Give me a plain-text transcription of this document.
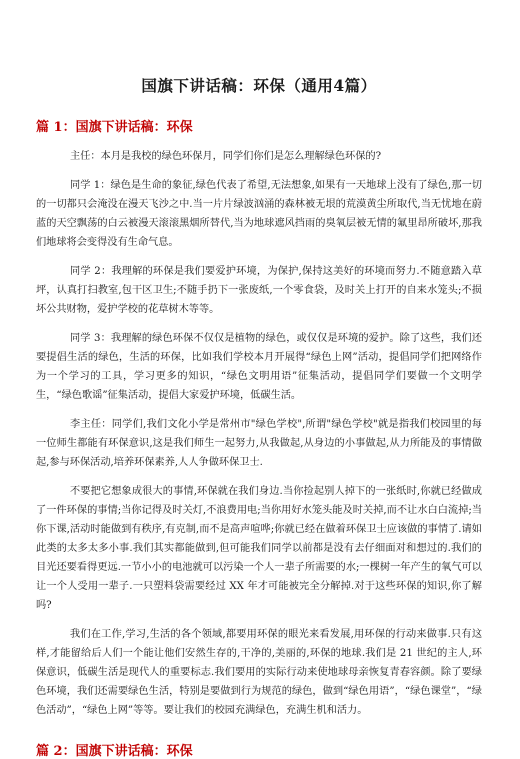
国旗下讲话稿：环保（通用4篇）
篇 1：国旗下讲话稿：环保

主任：本月是我校的绿色环保月，同学们你们是怎么理解绿色环保的?

同学 1：绿色是生命的象征,绿色代表了希望,无法想象,如果有一天地球上没有了绿色,那一切的一切都只会淹没在漫天飞沙之中.当一片片绿波汹涌的森林被无垠的荒漠黄尘所取代,当无忧地在蔚蓝的天空飘荡的白云被漫天滚滚黑烟所替代,当为地球遮风挡雨的臭氧层被无情的氟里昂所破坏,那我们地球将会变得没有生命气息。

同学 2：我理解的环保是我们要爱护环境，为保护,保持这美好的环境而努力.不随意踏入草坪，认真打扫教室,包干区卫生;不随手扔下一张废纸,一个零食袋，及时关上打开的自来水笼头;不损坏公共财物，爱护学校的花草树木等等。

同学 3：我理解的绿色环保不仅仅是植物的绿色，或仅仅是环境的爱护。除了这些，我们还要提倡生活的绿色，生活的环保，比如我们学校本月开展得“绿色上网”活动，提倡同学们把网络作为一个学习的工具，学习更多的知识，“绿色文明用语”征集活动，提倡同学们要做一个文明学生，“绿色歌谣”征集活动，提倡大家爱护环境，低碳生活。

李主任：同学们,我们文化小学是常州市"绿色学校",所谓"绿色学校"就是指我们校园里的每一位师生都能有环保意识,这是我们师生一起努力,从我做起,从身边的小事做起,从力所能及的事情做起,参与环保活动,培养环保素养,人人争做环保卫士.

不要把它想象成很大的事情,环保就在我们身边.当你捡起别人掉下的一张纸时,你就已经做成了一件环保的事情;当你记得及时关灯,不浪费用电;当你用好水笼头能及时关掉,而不让水白白流掉;当你下课,活动时能做到有秩序,有克制,而不是高声喧哗;你就已经在做着环保卫士应该做的事情了.请如此类的太多太多小事.我们其实都能做到,但可能我们同学以前都是没有去仔细面对和想过的.我们的目光还要看得更远.一节小小的电池就可以污染一个人一辈子所需要的水;一棵树一年产生的氧气可以让一个人受用一辈子.一只塑料袋需要经过 XX 年才可能被完全分解掉.对于这些环保的知识,你了解吗?

我们在工作,学习,生活的各个领域,都要用环保的眼光来看发展,用环保的行动来做事.只有这样,才能留给后人们一个能让他们安然生存的,干净的,美丽的,环保的地球.我们是 21 世纪的主人,环保意识，低碳生活是现代人的重要标志.我们要用的实际行动来使地球母亲恢复青春容颜。除了要绿色环境，我们还需要绿色生活，特别是要做到行为规范的绿色，做到“绿色用语”，“绿色课堂”，“绿色活动”，“绿色上网”等等。要让我们的校园充满绿色，充满生机和活力。

篇 2：国旗下讲话稿：环保
